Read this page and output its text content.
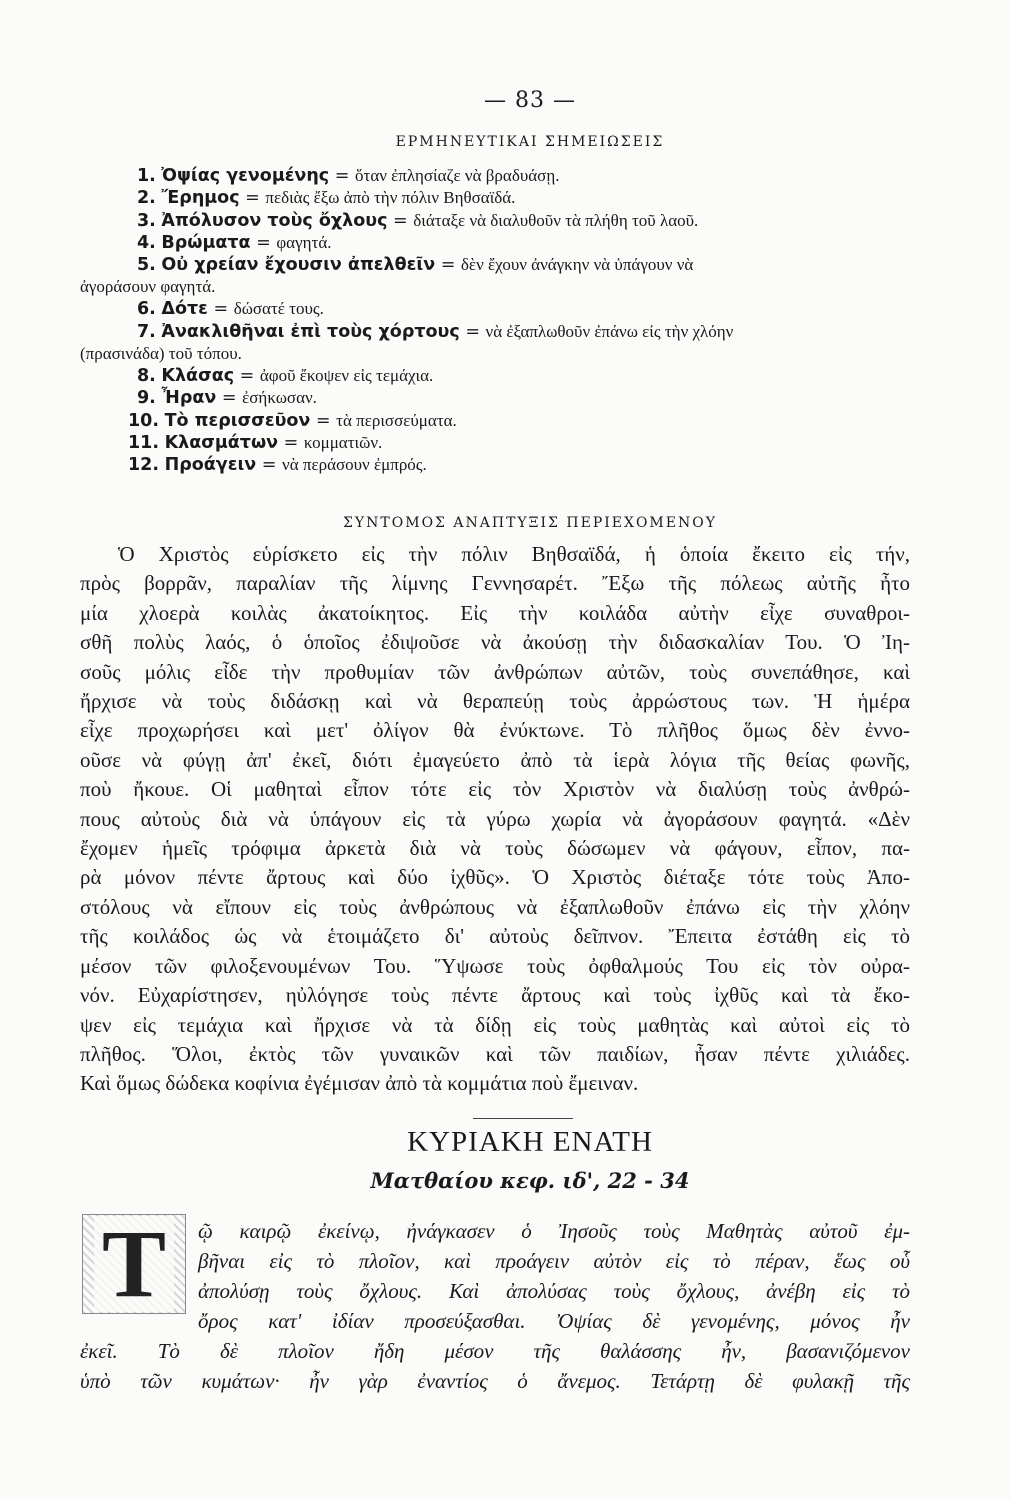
— 83 —
ΕΡΜΗΝΕΥΤΙΚΑΙ ΣΗΜΕΙΩΣΕΙΣ
1. Ὀψίας γενομένης = ὅταν ἐπλησίαζε νὰ βραδυάσῃ.
2. Ἔρημος = πεδιὰς ἔξω ἀπὸ τὴν πόλιν Βηθσαϊδά.
3. Ἀπόλυσον τοὺς ὄχλους = διάταξε νὰ διαλυθοῦν τὰ πλήθη τοῦ λαοῦ.
4. Βρώματα = φαγητά.
5. Οὐ χρείαν ἔχουσιν ἀπελθεῖν = δὲν ἔχουν ἀνάγκην νὰ ὑπάγουν νὰ
ἀγοράσουν φαγητά.
6. Δότε = δώσατέ τους.
7. Ἀνακλιθῆναι ἐπὶ τοὺς χόρτους = νὰ ἐξαπλωθοῦν ἐπάνω εἰς τὴν χλόην
(πρασινάδα) τοῦ τόπου.
8. Κλάσας = ἀφοῦ ἔκοψεν εἰς τεμάχια.
9. Ἦραν = ἐσήκωσαν.
10. Τὸ περισσεῦον = τὰ περισσεύματα.
11. Κλασμάτων = κομματιῶν.
12. Προάγειν = νὰ περάσουν ἐμπρός.
ΣΥΝΤΟΜΟΣ ΑΝΑΠΤΥΞΙΣ ΠΕΡΙΕΧΟΜΕΝΟΥ
Ὁ Χριστὸς εὑρίσκετο εἰς τὴν πόλιν Βηθσαϊδά, ἡ ὁποία ἔκειτο εἰς τήν,
πρὸς βορρᾶν, παραλίαν τῆς λίμνης Γεννησαρέτ. Ἔξω τῆς πόλεως αὐτῆς ἦτο
μία χλοερὰ κοιλὰς ἀκατοίκητος. Εἰς τὴν κοιλάδα αὐτὴν εἶχε συναθροι-
σθῆ πολὺς λαός, ὁ ὁποῖος ἐδιψοῦσε νὰ ἀκούσῃ τὴν διδασκαλίαν Του. Ὁ Ἰη-
σοῦς μόλις εἶδε τὴν προθυμίαν τῶν ἀνθρώπων αὐτῶν, τοὺς συνεπάθησε, καὶ
ἤρχισε νὰ τοὺς διδάσκῃ καὶ νὰ θεραπεύῃ τοὺς ἀρρώστους των. Ἡ ἡμέρα
εἶχε προχωρήσει καὶ μετ' ὀλίγον θὰ ἐνύκτωνε. Τὸ πλῆθος ὅμως δὲν ἐννο-
οῦσε νὰ φύγῃ ἀπ' ἐκεῖ, διότι ἐμαγεύετο ἀπὸ τὰ ἱερὰ λόγια τῆς θείας φωνῆς,
ποὺ ἤκουε. Οἱ μαθηταὶ εἶπον τότε εἰς τὸν Χριστὸν νὰ διαλύσῃ τοὺς ἀνθρώ-
πους αὐτοὺς διὰ νὰ ὑπάγουν εἰς τὰ γύρω χωρία νὰ ἀγοράσουν φαγητά. «Δὲν
ἔχομεν ἡμεῖς τρόφιμα ἀρκετὰ διὰ νὰ τοὺς δώσωμεν νὰ φάγουν, εἶπον, πα-
ρὰ μόνον πέντε ἄρτους καὶ δύο ἰχθῦς». Ὁ Χριστὸς διέταξε τότε τοὺς Ἀπο-
στόλους νὰ εἴπουν εἰς τοὺς ἀνθρώπους νὰ ἐξαπλωθοῦν ἐπάνω εἰς τὴν χλόην
τῆς κοιλάδος ὡς νὰ ἑτοιμάζετο δι' αὐτοὺς δεῖπνον. Ἔπειτα ἐστάθη εἰς τὸ
μέσον τῶν φιλοξενουμένων Του. Ὕψωσε τοὺς ὀφθαλμούς Του εἰς τὸν οὐρα-
νόν. Εὐχαρίστησεν, ηὐλόγησε τοὺς πέντε ἄρτους καὶ τοὺς ἰχθῦς καὶ τὰ ἔκο-
ψεν εἰς τεμάχια καὶ ἤρχισε νὰ τὰ δίδῃ εἰς τοὺς μαθητὰς καὶ αὐτοὶ εἰς τὸ
πλῆθος. Ὅλοι, ἐκτὸς τῶν γυναικῶν καὶ τῶν παιδίων, ἦσαν πέντε χιλιάδες.
Καὶ ὅμως δώδεκα κοφίνια ἐγέμισαν ἀπὸ τὰ κομμάτια ποὺ ἔμειναν.
ΚΥΡΙΑΚΗ ΕΝΑΤΗ
Ματθαίου κεφ. ιδ', 22 - 34
Τ	ῷ καιρῷ ἐκείνῳ, ἠνάγκασεν ὁ Ἰησοῦς τοὺς Μαθητὰς αὐτοῦ ἐμ-
βῆναι εἰς τὸ πλοῖον, καὶ προάγειν αὐτὸν εἰς τὸ πέραν, ἕως οὗ
ἀπολύσῃ τοὺς ὄχλους. Καὶ ἀπολύσας τοὺς ὄχλους, ἀνέβη εἰς τὸ
ὄρος κατ' ἰδίαν προσεύξασθαι. Ὀψίας δὲ γενομένης, μόνος ἦν
ἐκεῖ. Τὸ δὲ πλοῖον ἤδη μέσον τῆς θαλάσσης ἦν, βασανιζόμενον
ὑπὸ τῶν κυμάτων· ἦν γὰρ ἐναντίος ὁ ἄνεμος. Τετάρτῃ δὲ φυλακῇ τῆς
